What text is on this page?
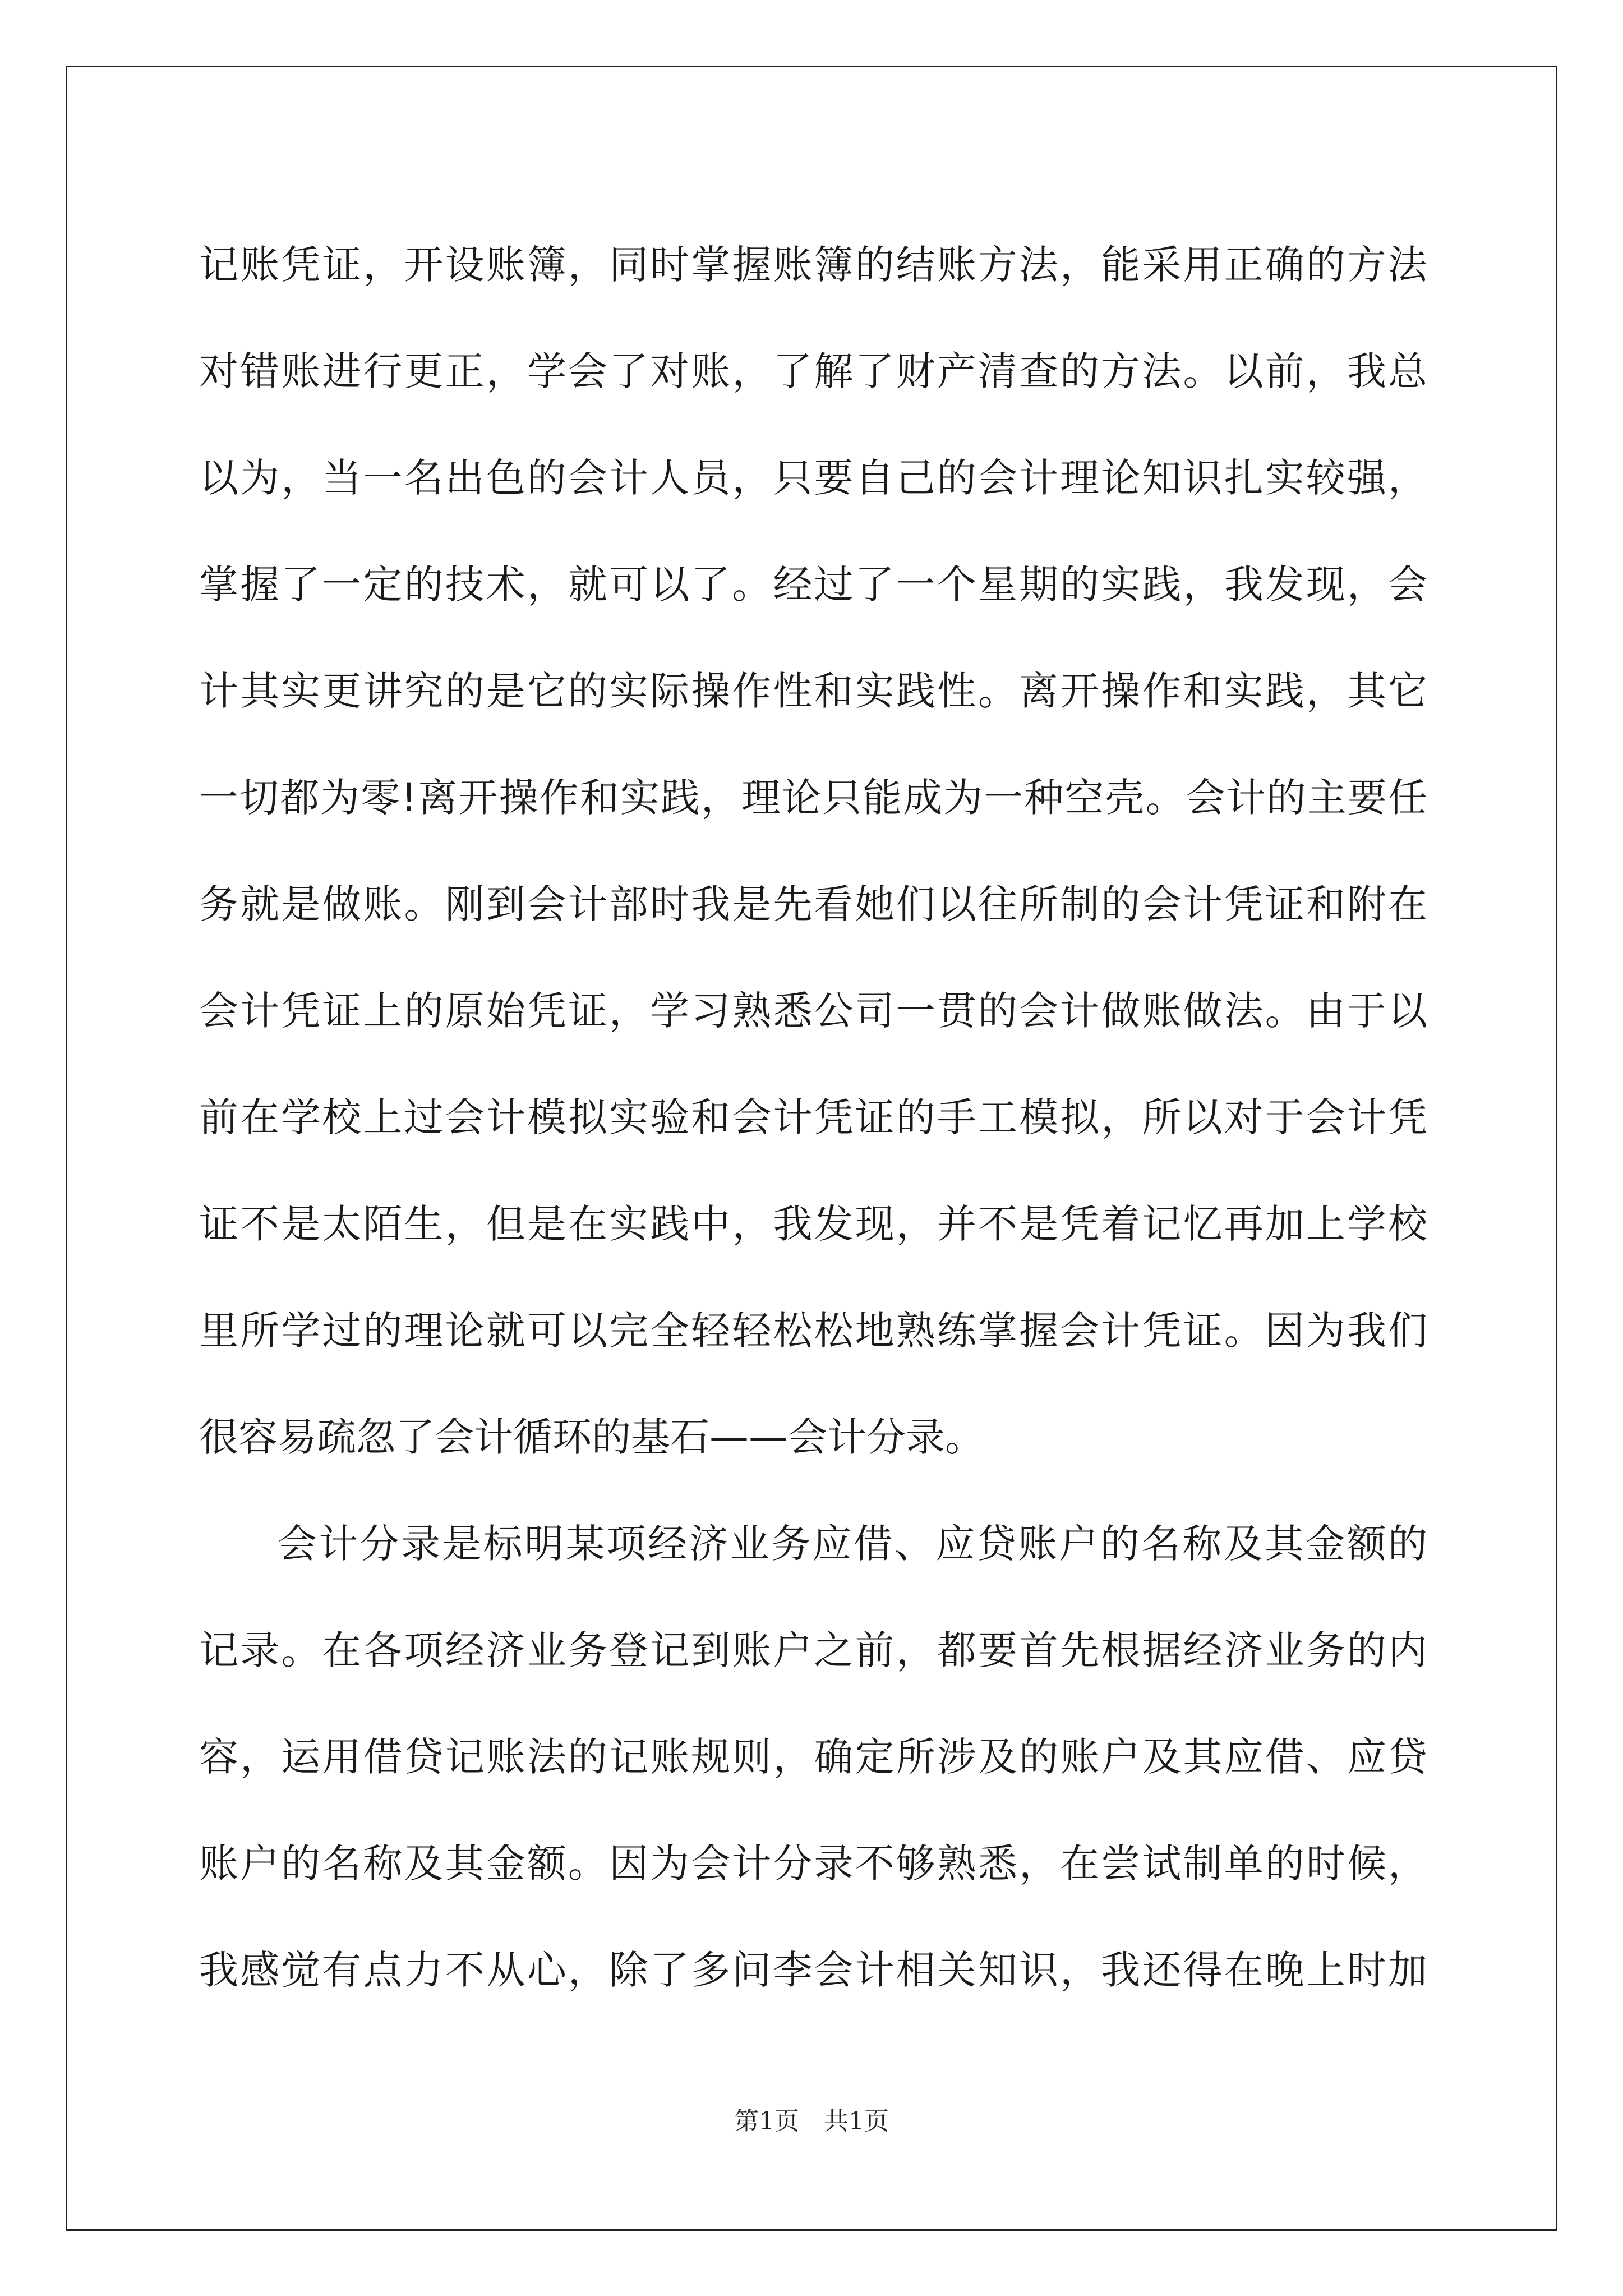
记账凭证，开设账簿，同时掌握账簿的结账方法，能采用正确的方法
对错账进行更正，学会了对账，了解了财产清查的方法。以前，我总
以为，当一名出色的会计人员，只要自己的会计理论知识扎实较强，
掌握了一定的技术，就可以了。经过了一个星期的实践，我发现，会
计其实更讲究的是它的实际操作性和实践性。离开操作和实践，其它
一切都为零!离开操作和实践，理论只能成为一种空壳。会计的主要任
务就是做账。刚到会计部时我是先看她们以往所制的会计凭证和附在
会计凭证上的原始凭证，学习熟悉公司一贯的会计做账做法。由于以
前在学校上过会计模拟实验和会计凭证的手工模拟，所以对于会计凭
证不是太陌生，但是在实践中，我发现，并不是凭着记忆再加上学校
里所学过的理论就可以完全轻轻松松地熟练掌握会计凭证。因为我们
很容易疏忽了会计循环的基石——会计分录。
会计分录是标明某项经济业务应借、应贷账户的名称及其金额的
记录。在各项经济业务登记到账户之前，都要首先根据经济业务的内
容，运用借贷记账法的记账规则，确定所涉及的账户及其应借、应贷
账户的名称及其金额。因为会计分录不够熟悉，在尝试制单的时候，
我感觉有点力不从心，除了多问李会计相关知识，我还得在晚上时加
第1页　共1页
